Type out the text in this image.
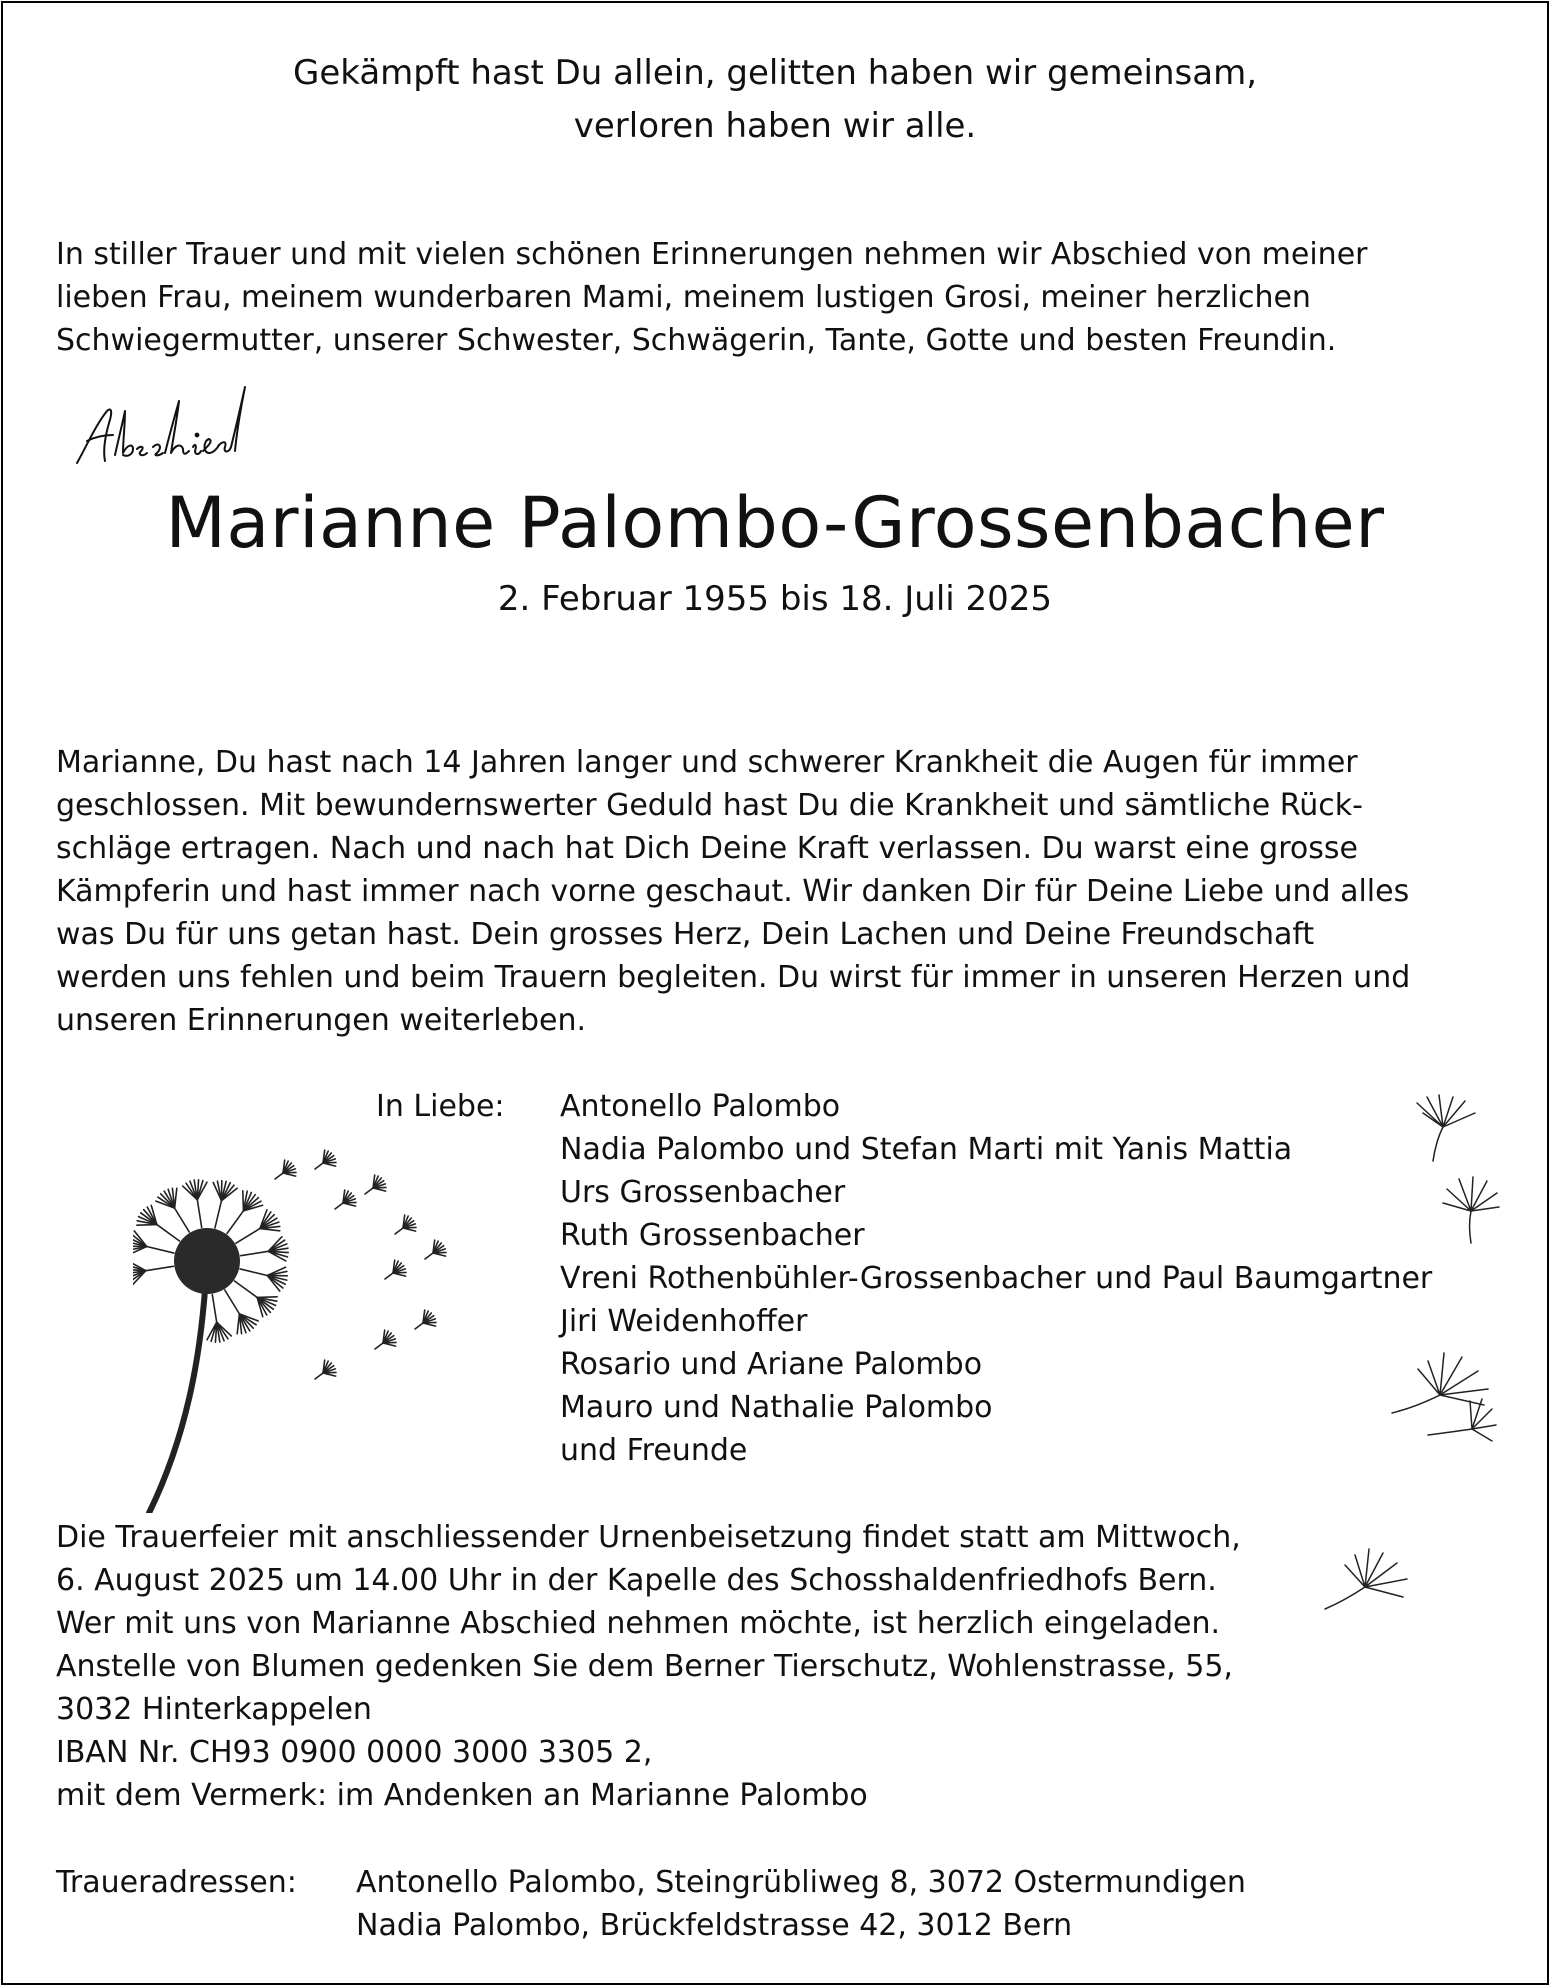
Gekämpft hast Du allein, gelitten haben wir gemeinsam,
verloren haben wir alle.
In stiller Trauer und mit vielen schönen Erinnerungen nehmen wir Abschied von meiner
lieben Frau, meinem wunderbaren Mami, meinem lustigen Grosi, meiner herzlichen
Schwiegermutter, unserer Schwester, Schwägerin, Tante, Gotte und besten Freundin.
Marianne Palombo-Grossenbacher
2. Februar 1955 bis 18. Juli 2025
Marianne, Du hast nach 14 Jahren langer und schwerer Krankheit die Augen für immer
geschlossen. Mit bewundernswerter Geduld hast Du die Krankheit und sämtliche Rück-
schläge ertragen. Nach und nach hat Dich Deine Kraft verlassen. Du warst eine grosse
Kämpferin und hast immer nach vorne geschaut. Wir danken Dir für Deine Liebe und alles
was Du für uns getan hast. Dein grosses Herz, Dein Lachen und Deine Freundschaft
werden uns fehlen und beim Trauern begleiten. Du wirst für immer in unseren Herzen und
unseren Erinnerungen weiterleben.
In Liebe: Antonello Palombo
Nadia Palombo und Stefan Marti mit Yanis Mattia
Urs Grossenbacher
Ruth Grossenbacher
Vreni Rothenbühler-Grossenbacher und Paul Baumgartner
Jiri Weidenhoffer
Rosario und Ariane Palombo
Mauro und Nathalie Palombo
und Freunde
Die Trauerfeier mit anschliessender Urnenbeisetzung findet statt am Mittwoch,
6. August 2025 um 14.00 Uhr in der Kapelle des Schosshaldenfriedhofs Bern.
Wer mit uns von Marianne Abschied nehmen möchte, ist herzlich eingeladen.
Anstelle von Blumen gedenken Sie dem Berner Tierschutz, Wohlenstrasse, 55,
3032 Hinterkappelen
IBAN Nr. CH93 0900 0000 3000 3305 2,
mit dem Vermerk: im Andenken an Marianne Palombo
Traueradressen: Antonello Palombo, Steingrübliweg 8, 3072 Ostermundigen
Nadia Palombo, Brückfeldstrasse 42, 3012 Bern
